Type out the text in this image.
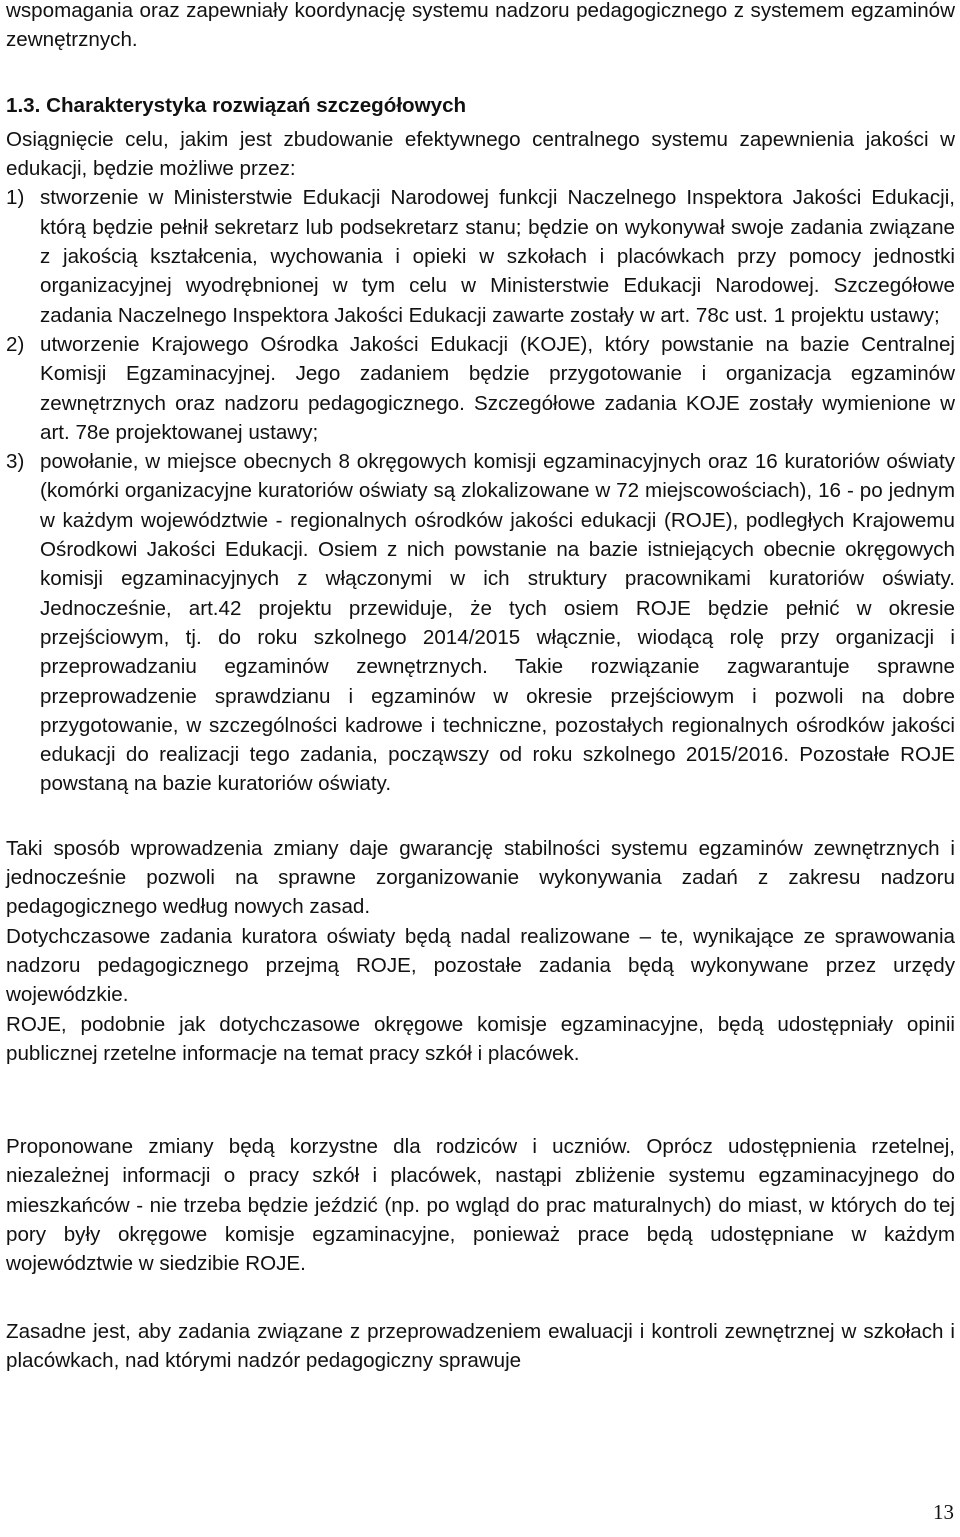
wspomagania oraz zapewniały koordynację systemu nadzoru pedagogicznego z systemem egzaminów zewnętrznych.

1.3. Charakterystyka rozwiązań szczegółowych

Osiągnięcie celu, jakim jest zbudowanie efektywnego centralnego systemu zapewnienia jakości w edukacji, będzie możliwe przez:

1) stworzenie w Ministerstwie Edukacji Narodowej funkcji Naczelnego Inspektora Jakości Edukacji, którą będzie pełnił sekretarz lub podsekretarz stanu; będzie on wykonywał swoje zadania związane z jakością kształcenia, wychowania i opieki w szkołach i placówkach przy pomocy jednostki organizacyjnej wyodrębnionej w tym celu w Ministerstwie Edukacji Narodowej. Szczegółowe zadania Naczelnego Inspektora Jakości Edukacji zawarte zostały w art. 78c ust. 1 projektu ustawy;
2) utworzenie Krajowego Ośrodka Jakości Edukacji (KOJE), który powstanie na bazie Centralnej Komisji Egzaminacyjnej. Jego zadaniem będzie przygotowanie i organizacja egzaminów zewnętrznych oraz nadzoru pedagogicznego. Szczegółowe zadania KOJE zostały wymienione w art. 78e projektowanej ustawy;
3) powołanie, w miejsce obecnych 8 okręgowych komisji egzaminacyjnych oraz 16 kuratoriów oświaty (komórki organizacyjne kuratoriów oświaty są zlokalizowane w 72 miejscowościach), 16 - po jednym w każdym województwie - regionalnych ośrodków jakości edukacji (ROJE), podległych Krajowemu Ośrodkowi Jakości Edukacji. Osiem z nich powstanie na bazie istniejących obecnie okręgowych komisji egzaminacyjnych z włączonymi w ich struktury pracownikami kuratoriów oświaty. Jednocześnie, art.42 projektu przewiduje, że tych osiem ROJE będzie pełnić w okresie przejściowym, tj. do roku szkolnego 2014/2015 włącznie, wiodącą rolę przy organizacji i przeprowadzaniu egzaminów zewnętrznych. Takie rozwiązanie zagwarantuje sprawne przeprowadzenie sprawdzianu i egzaminów w okresie przejściowym i pozwoli na dobre przygotowanie, w szczególności kadrowe i techniczne, pozostałych regionalnych ośrodków jakości edukacji do realizacji tego zadania, począwszy od roku szkolnego 2015/2016. Pozostałe ROJE powstaną na bazie kuratoriów oświaty.

Taki sposób wprowadzenia zmiany daje gwarancję stabilności systemu egzaminów zewnętrznych i jednocześnie pozwoli na sprawne zorganizowanie wykonywania zadań z zakresu nadzoru pedagogicznego według nowych zasad.

Dotychczasowe zadania kuratora oświaty będą nadal realizowane – te, wynikające ze sprawowania nadzoru pedagogicznego przejmą ROJE, pozostałe zadania będą wykonywane przez urzędy wojewódzkie.

ROJE, podobnie jak dotychczasowe okręgowe komisje egzaminacyjne, będą udostępniały opinii publicznej rzetelne informacje na temat pracy szkół i placówek.

Proponowane zmiany będą korzystne dla rodziców i uczniów. Oprócz udostępnienia rzetelnej, niezależnej informacji o pracy szkół i placówek, nastąpi zbliżenie systemu egzaminacyjnego do mieszkańców - nie trzeba będzie jeździć (np. po wgląd do prac maturalnych) do miast, w których do tej pory były okręgowe komisje egzaminacyjne, ponieważ prace będą udostępniane w każdym województwie w siedzibie ROJE.

Zasadne jest, aby zadania związane z przeprowadzeniem ewaluacji i kontroli zewnętrznej w szkołach i placówkach, nad którymi nadzór pedagogiczny sprawuje

13
